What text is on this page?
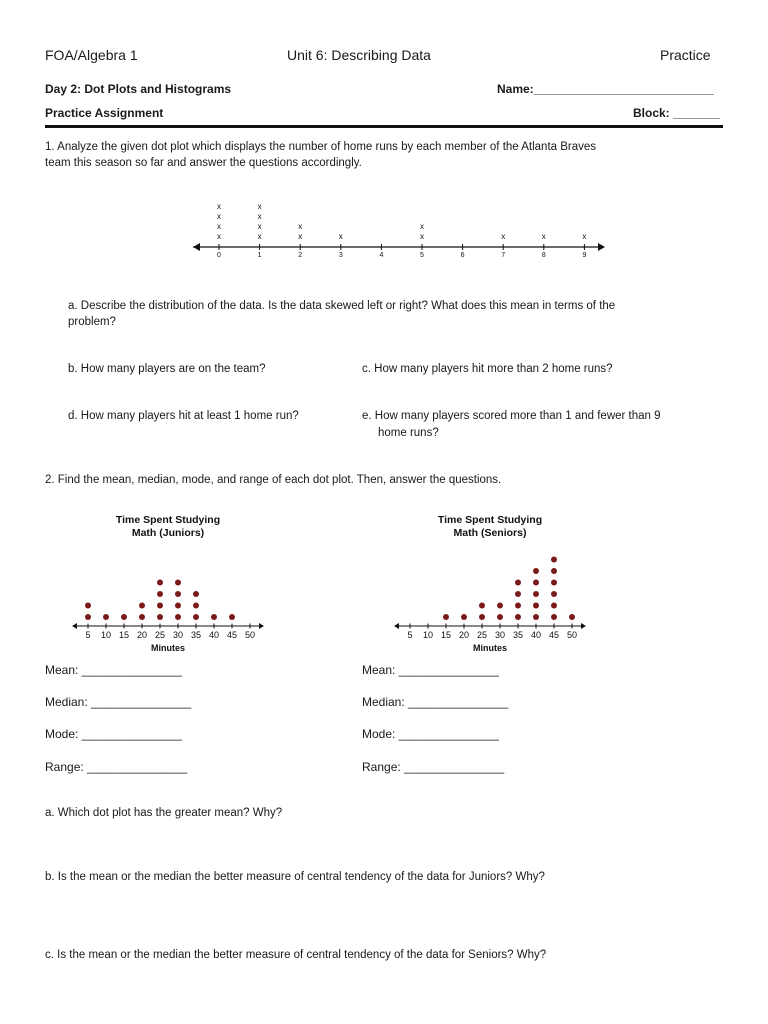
FOA/Algebra 1	Unit 6: Describing Data	Practice
Day 2: Dot Plots and Histograms	Name:___________________________
Practice Assignment	Block: _______
1. Analyze the given dot plot which displays the number of home runs by each member of the Atlanta Braves
team this season so far and answer the questions accordingly.
0
x
x
x
x
1
x
x
x
x
2
x
x
3
x
4	5
x
x
6	7
x
8
x
9
x
a. Describe the distribution of the data. Is the data skewed left or right? What does this mean in terms of the
problem?
b. How many players are on the team?	c. How many players hit more than 2 home runs?
d. How many players hit at least 1 home run?	e. How many players scored more than 1 and fewer than 9
home runs?
2. Find the mean, median, mode, and range of each dot plot. Then, answer the questions.
Time Spent Studying
Math (Juniors)
5 10 15 20 25 30 35 40 45 50
Minutes
Time Spent Studying
Math (Seniors)
5 10 15 20 25 30 35 40 45 50
Minutes
Mean: _______________
Median: _______________
Mode: _______________
Range: _______________
Mean: _______________
Median: _______________
Mode: _______________
Range: _______________
a. Which dot plot has the greater mean? Why?
b. Is the mean or the median the better measure of central tendency of the data for Juniors? Why?
c. Is the mean or the median the better measure of central tendency of the data for Seniors? Why?
